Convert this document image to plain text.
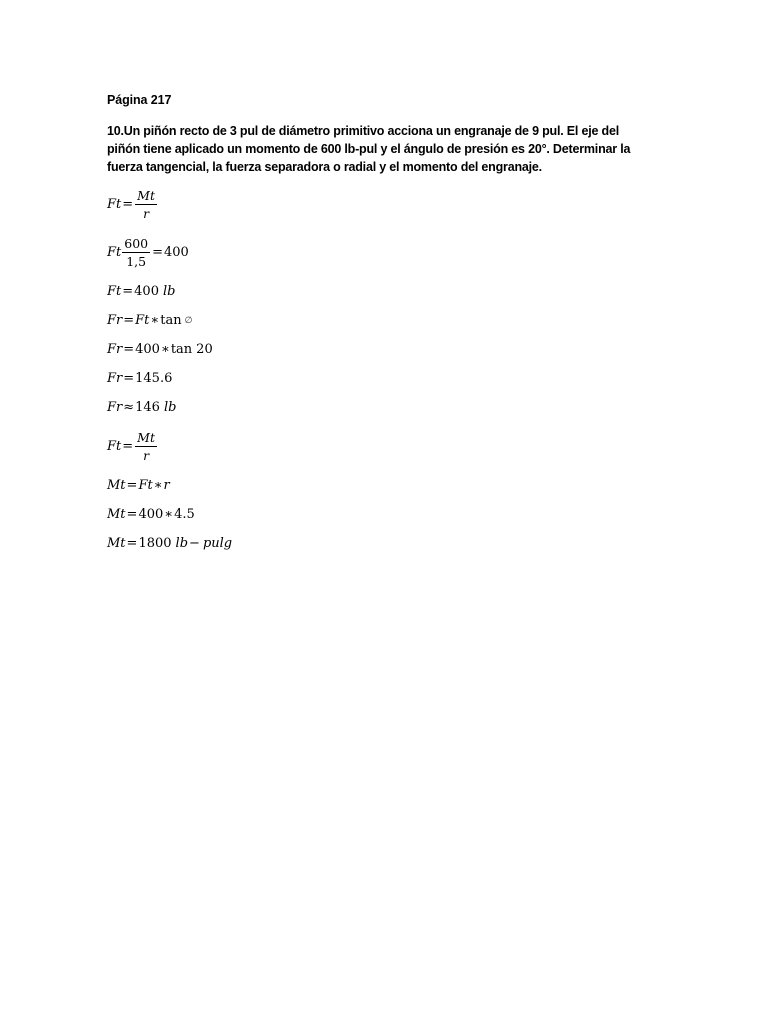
Página 217
10.Un piñón recto de 3 pul de diámetro primitivo acciona un engranaje de 9 pul. El eje del piñón tiene aplicado un momento de 600 lb-pul y el ángulo de presión es 20°. Determinar la fuerza tangencial, la fuerza separadora o radial y el momento del engranaje.
$Ft = \frac{Mt}{r}$
Ft $\frac{600}{1,5} = 400$
Ft = 400 lb
Fr = Ft ∗ tan ∅
Fr = 400 ∗ tan 20
Fr = 145.6
Fr ≈ 146 lb
$Ft = \frac{Mt}{r}$
Mt = Ft ∗ r
Mt = 400 ∗ 4.5
Mt = 1800 lb − pulg
